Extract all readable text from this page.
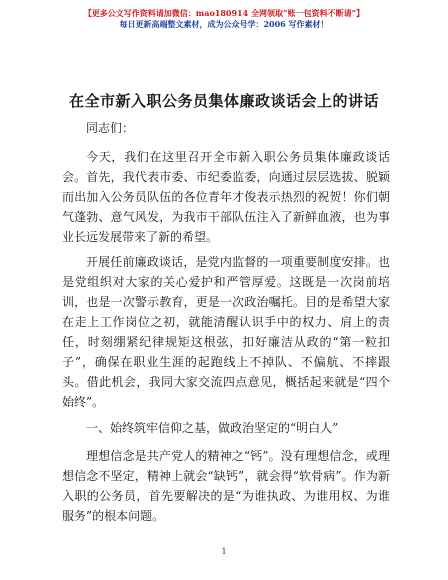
【更多公文写作资料请加微信：mao180914 全网领取“账一包资料不断请”】
每日更新高端整文素材，成为公众号学：2006 写作素材！
在全市新入职公务员集体廉政谈话会上的讲话

同志们：

今天，我们在这里召开全市新入职公务员集体廉政谈话会。首先，我代表市委、市纪委监委，向通过层层选拔、脱颖而出加入公务员队伍的各位青年才俊表示热烈的祝贺！你们朝气蓬勃、意气风发，为我市干部队伍注入了新鲜血液，也为事业长远发展带来了新的希望。

开展任前廉政谈话，是党内监督的一项重要制度安排。也是党组织对大家的关心爱护和严管厚爱。这既是一次岗前培训，也是一次警示教育，更是一次政治嘱托。目的是希望大家在走上工作岗位之初，就能清醒认识手中的权力、肩上的责任，时刻绷紧纪律规矩这根弦，扣好廉洁从政的“第一粒扣子”，确保在职业生涯的起跑线上不掉队、不偏航、不摔跟头。借此机会，我同大家交流四点意见，概括起来就是“四个始终”。

一、始终筑牢信仰之基，做政治坚定的“明白人”

理想信念是共产党人的精神之“钙”。没有理想信念，或理想信念不坚定，精神上就会“缺钙”，就会得“软骨病”。作为新入职的公务员，首先要解决的是“为谁执政、为谁用权、为谁服务”的根本问题。

1
